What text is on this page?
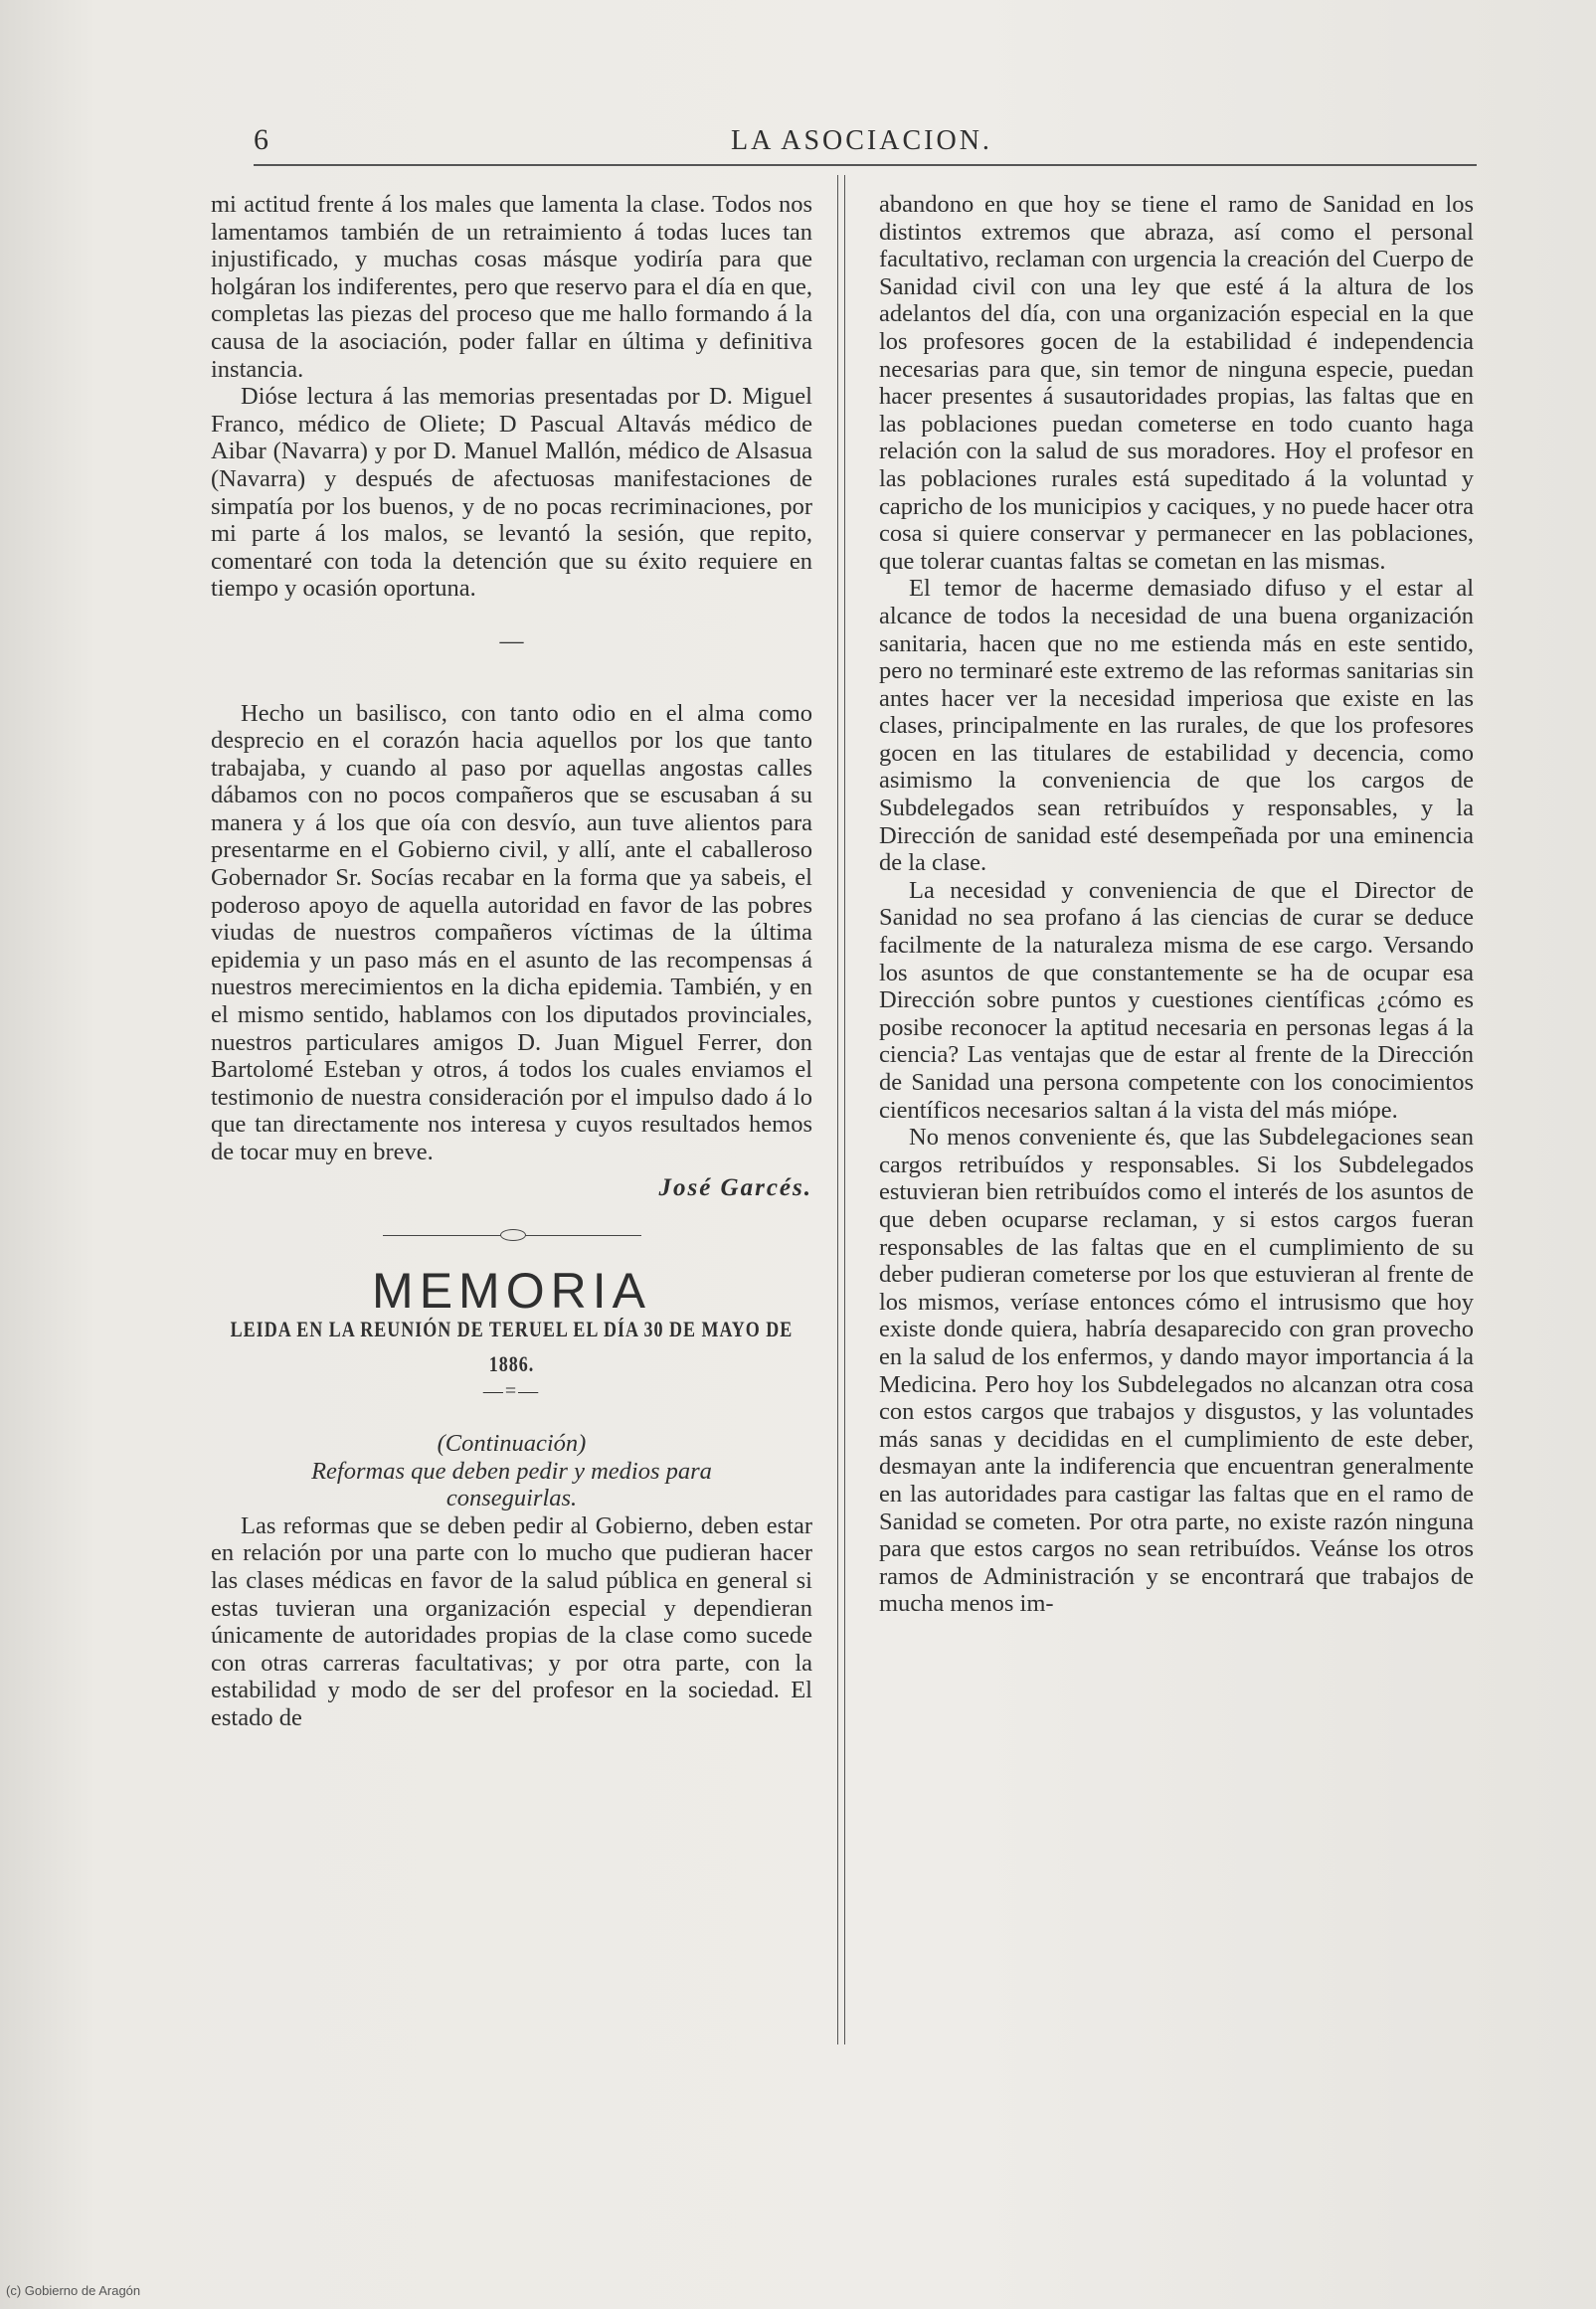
6	LA ASOCIACION.

mi actitud frente á los males que lamenta la clase. Todos nos lamentamos también de un retraimiento á todas luces tan injustificado, y muchas cosas másque yodiría para que holgáran los indiferentes, pero que reservo para el día en que, completas las piezas del proceso que me hallo formando á la causa de la asociación, poder fallar en última y definitiva instancia.

Dióse lectura á las memorias presentadas por D. Miguel Franco, médico de Oliete; D Pascual Altavás médico de Aibar (Navarra) y por D. Manuel Mallón, médico de Alsasua (Navarra) y después de afectuosas manifestaciones de simpatía por los buenos, y de no pocas recriminaciones, por mi parte á los malos, se levantó la sesión, que repito, comentaré con toda la detención que su éxito requiere en tiempo y ocasión oportuna.

—

Hecho un basilisco, con tanto odio en el alma como desprecio en el corazón hacia aquellos por los que tanto trabajaba, y cuando al paso por aquellas angostas calles dábamos con no pocos compañeros que se escusaban á su manera y á los que oía con desvío, aun tuve alientos para presentarme en el Gobierno civil, y allí, ante el caballeroso Gobernador Sr. Socías recabar en la forma que ya sabeis, el poderoso apoyo de aquella autoridad en favor de las pobres viudas de nuestros compañeros víctimas de la última epidemia y un paso más en el asunto de las recompensas á nuestros merecimientos en la dicha epidemia. También, y en el mismo sentido, hablamos con los diputados provinciales, nuestros particulares amigos D. Juan Miguel Ferrer, don Bartolomé Esteban y otros, á todos los cuales enviamos el testimonio de nuestra consideración por el impulso dado á lo que tan directamente nos interesa y cuyos resultados hemos de tocar muy en breve.

José Garcés.
MEMORIA
LEIDA EN LA REUNIÓN DE TERUEL EL DÍA 30 DE MAYO DE 1886.
—=—

(Continuación)

Reformas que deben pedir y medios para conseguirlas.

Las reformas que se deben pedir al Gobierno, deben estar en relación por una parte con lo mucho que pudieran hacer las clases médicas en favor de la salud pública en general si estas tuvieran una organización especial y dependieran únicamente de autoridades propias de la clase como sucede con otras carreras facultativas; y por otra parte, con la estabilidad y modo de ser del profesor en la sociedad. El estado de

abandono en que hoy se tiene el ramo de Sanidad en los distintos extremos que abraza, así como el personal facultativo, reclaman con urgencia la creación del Cuerpo de Sanidad civil con una ley que esté á la altura de los adelantos del día, con una organización especial en la que los profesores gocen de la estabilidad é independencia necesarias para que, sin temor de ninguna especie, puedan hacer presentes á susautoridades propias, las faltas que en las poblaciones puedan cometerse en todo cuanto haga relación con la salud de sus moradores. Hoy el profesor en las poblaciones rurales está supeditado á la voluntad y capricho de los municipios y caciques, y no puede hacer otra cosa si quiere conservar y permanecer en las poblaciones, que tolerar cuantas faltas se cometan en las mismas.

El temor de hacerme demasiado difuso y el estar al alcance de todos la necesidad de una buena organización sanitaria, hacen que no me estienda más en este sentido, pero no terminaré este extremo de las reformas sanitarias sin antes hacer ver la necesidad imperiosa que existe en las clases, principalmente en las rurales, de que los profesores gocen en las titulares de estabilidad y decencia, como asimismo la conveniencia de que los cargos de Subdelegados sean retribuídos y responsables, y la Dirección de sanidad esté desempeñada por una eminencia de la clase.

La necesidad y conveniencia de que el Director de Sanidad no sea profano á las ciencias de curar se deduce facilmente de la naturaleza misma de ese cargo. Versando los asuntos de que constantemente se ha de ocupar esa Dirección sobre puntos y cuestiones científicas ¿cómo es posibe reconocer la aptitud necesaria en personas legas á la ciencia? Las ventajas que de estar al frente de la Dirección de Sanidad una persona competente con los conocimientos científicos necesarios saltan á la vista del más miópe.

No menos conveniente és, que las Subdelegaciones sean cargos retribuídos y responsables. Si los Subdelegados estuvieran bien retribuídos como el interés de los asuntos de que deben ocuparse reclaman, y si estos cargos fueran responsables de las faltas que en el cumplimiento de su deber pudieran cometerse por los que estuvieran al frente de los mismos, veríase entonces cómo el intrusismo que hoy existe donde quiera, habría desaparecido con gran provecho en la salud de los enfermos, y dando mayor importancia á la Medicina. Pero hoy los Subdelegados no alcanzan otra cosa con estos cargos que trabajos y disgustos, y las voluntades más sanas y decididas en el cumplimiento de este deber, desmayan ante la indiferencia que encuentran generalmente en las autoridades para castigar las faltas que en el ramo de Sanidad se cometen. Por otra parte, no existe razón ninguna para que estos cargos no sean retribuídos. Veánse los otros ramos de Administración y se encontrará que trabajos de mucha menos im-

(c) Gobierno de Aragón
